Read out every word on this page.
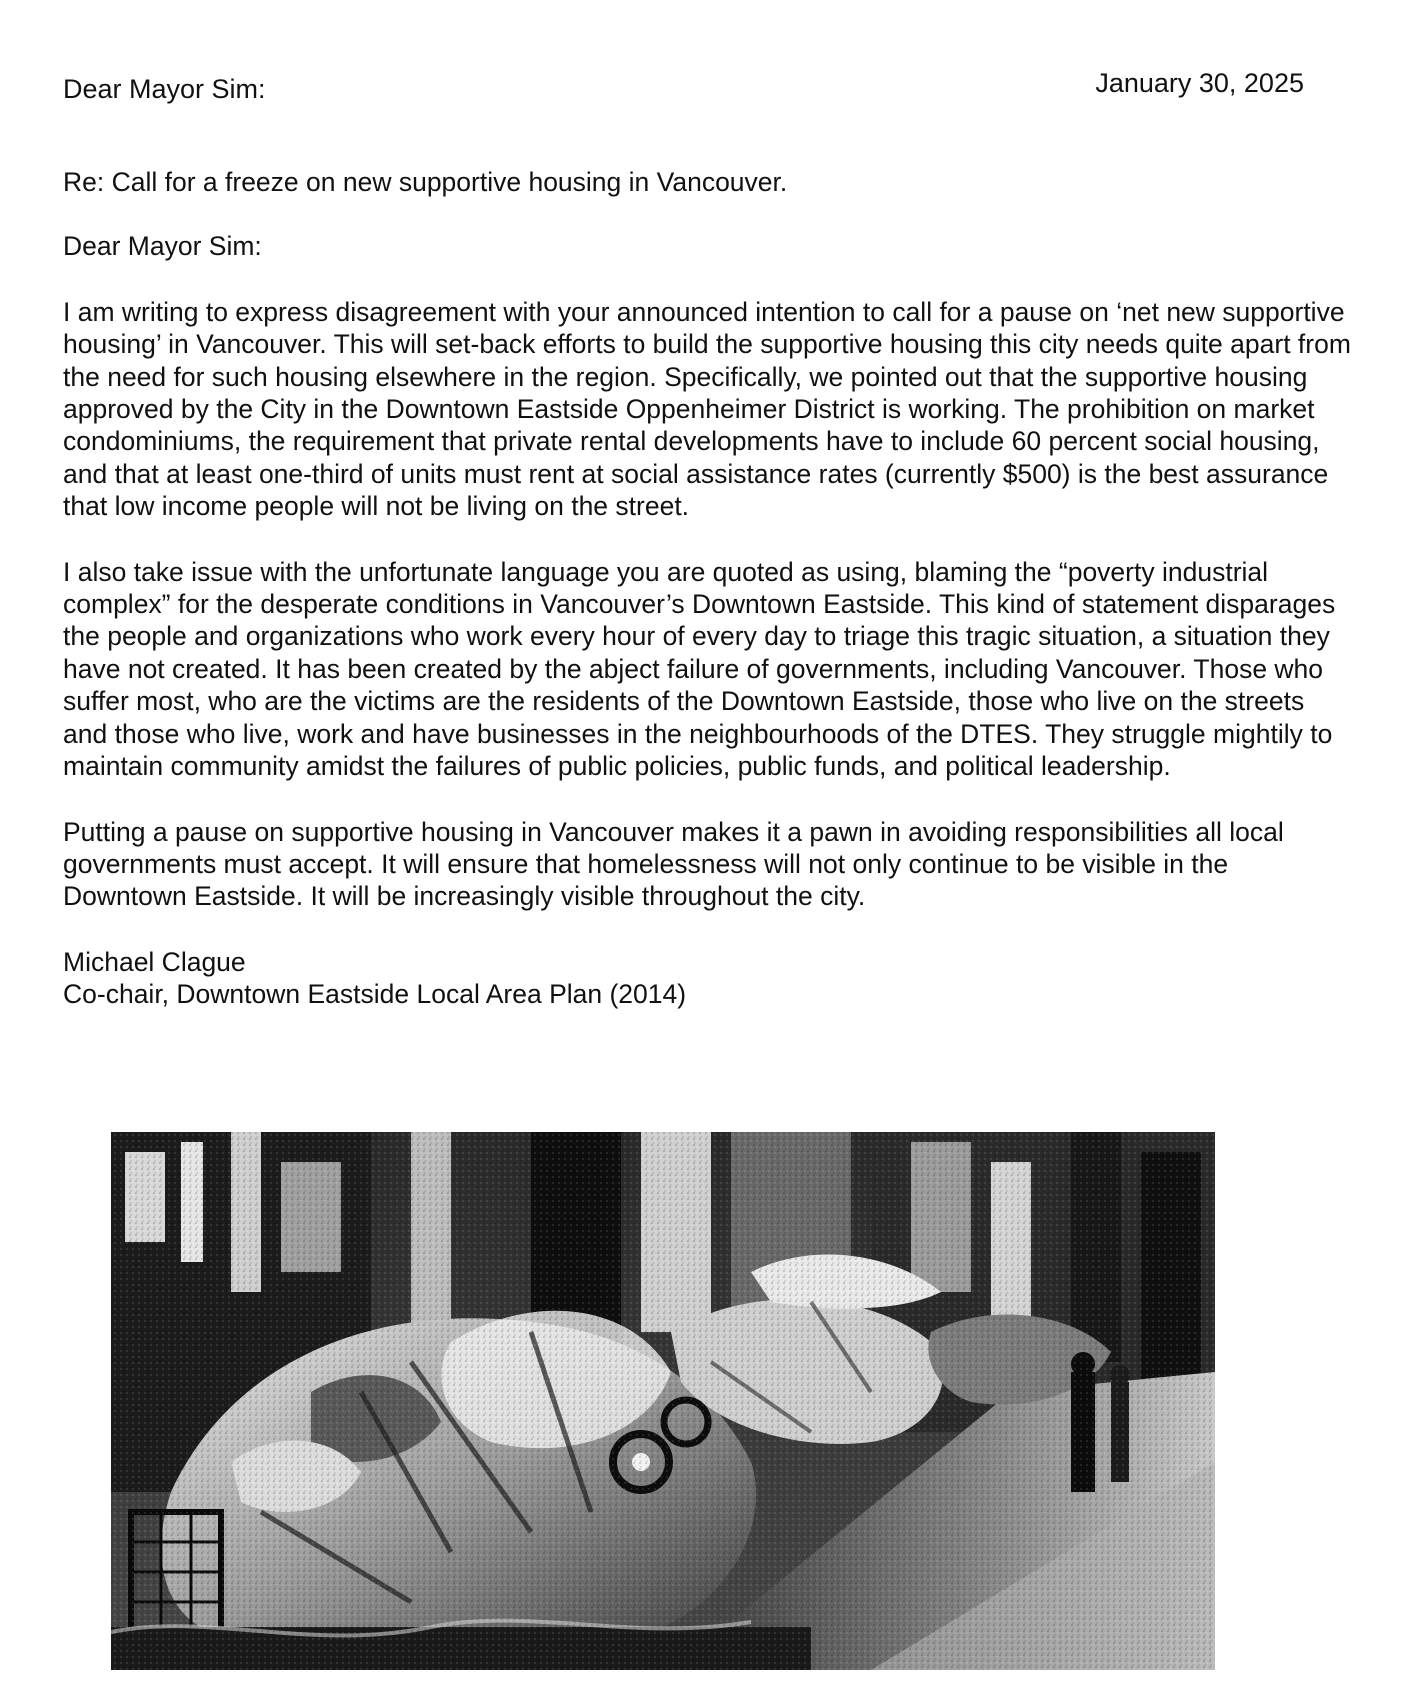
Dear Mayor Sim:	January 30, 2025

Re: Call for a freeze on new supportive housing in Vancouver.

Dear Mayor Sim:

I am writing to express disagreement with your announced intention to call for a pause on ‘net new supportive housing’ in Vancouver. This will set-back efforts to build the supportive housing this city needs quite apart from the need for such housing elsewhere in the region. Specifically, we pointed out that the supportive housing approved by the City in the Downtown Eastside Oppenheimer District is working. The prohibition on market condominiums, the requirement that private rental developments have to include 60 percent social housing, and that at least one-third of units must rent at social assistance rates (currently $500) is the best assurance that low income people will not be living on the street.

I also take issue with the unfortunate language you are quoted as using, blaming the “poverty industrial complex” for the desperate conditions in Vancouver’s Downtown Eastside. This kind of statement disparages the people and organizations who work every hour of every day to triage this tragic situation, a situation they have not created. It has been created by the abject failure of governments, including Vancouver. Those who suffer most, who are the victims are the residents of the Downtown Eastside, those who live on the streets and those who live, work and have businesses in the neighbourhoods of the DTES. They struggle mightily to maintain community amidst the failures of public policies, public funds, and political leadership.

Putting a pause on supportive housing in Vancouver makes it a pawn in avoiding responsibilities all local governments must accept. It will ensure that homelessness will not only continue to be visible in the Downtown Eastside. It will be increasingly visible throughout the city.

Michael Clague
Co-chair, Downtown Eastside Local Area Plan (2014)
